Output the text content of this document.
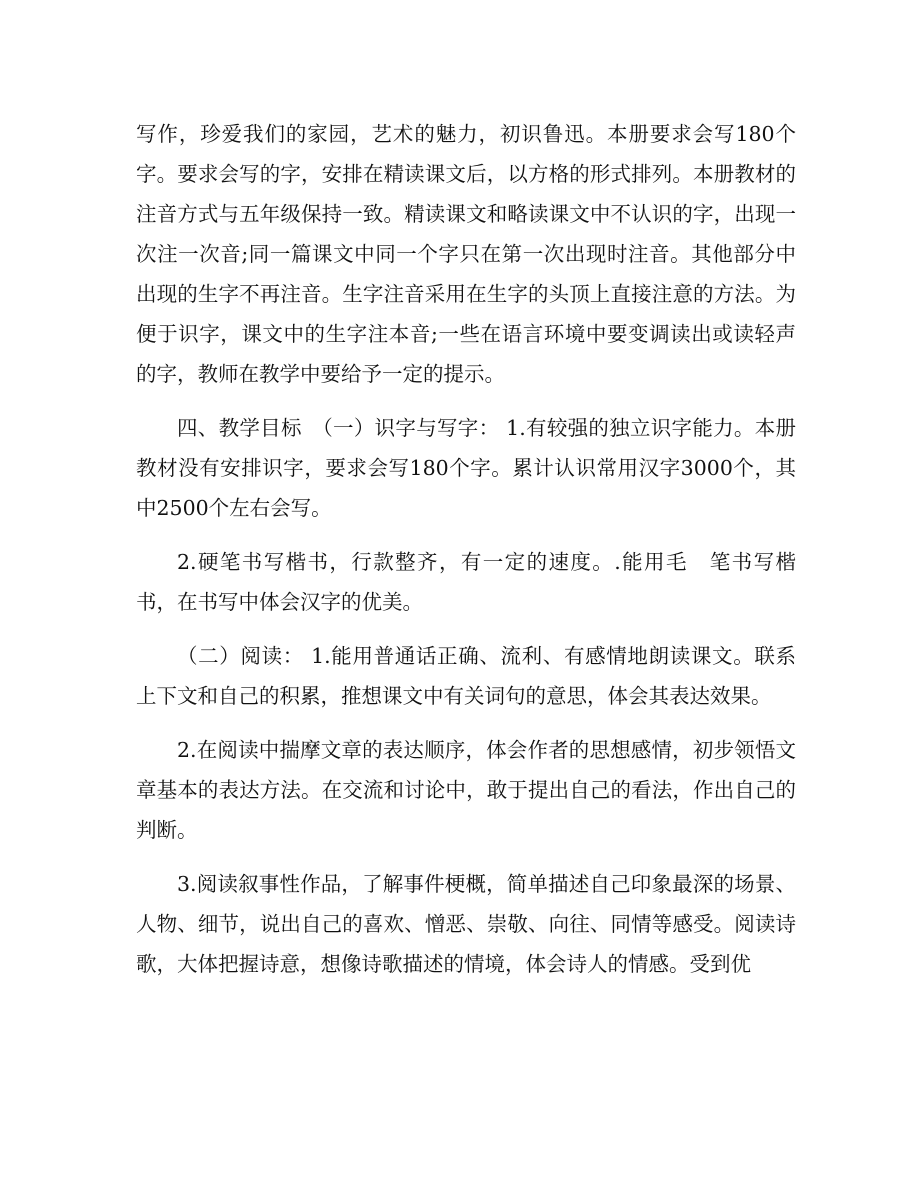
写作，珍爱我们的家园，艺术的魅力，初识鲁迅。本册要求会写180个字。要求会写的字，安排在精读课文后，以方格的形式排列。本册教材的注音方式与五年级保持一致。精读课文和略读课文中不认识的字，出现一次注一次音;同一篇课文中同一个字只在第一次出现时注音。其他部分中出现的生字不再注音。生字注音采用在生字的头顶上直接注意的方法。为便于识字，课文中的生字注本音;一些在语言环境中要变调读出或读轻声的字，教师在教学中要给予一定的提示。

四、教学目标　（一）识字与写字： 1.有较强的独立识字能力。本册教材没有安排识字，要求会写180个字。累计认识常用汉字3000个，其中2500个左右会写。

2.硬笔书写楷书，行款整齐，有一定的速度。.能用毛　笔书写楷书，在书写中体会汉字的优美。

（二）阅读： 1.能用普通话正确、流利、有感情地朗读课文。联系上下文和自己的积累，推想课文中有关词句的意思，体会其表达效果。

2.在阅读中揣摩文章的表达顺序，体会作者的思想感情，初步领悟文章基本的表达方法。在交流和讨论中，敢于提出自己的看法，作出自己的判断。

3.阅读叙事性作品，了解事件梗概，简单描述自己印象最深的场景、人物、细节，说出自己的喜欢、憎恶、崇敬、向往、同情等感受。阅读诗歌，大体把握诗意，想像诗歌描述的情境，体会诗人的情感。受到优
